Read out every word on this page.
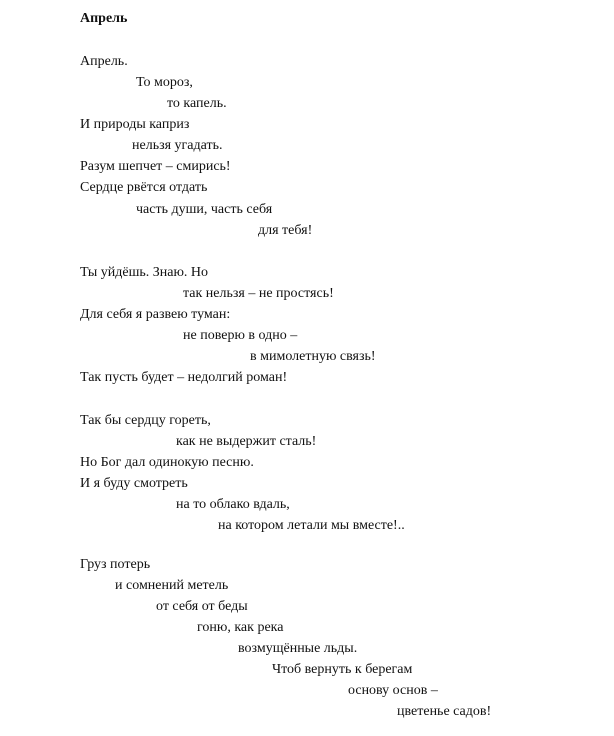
Апрель
Апрель.
То мороз,
то капель.
И природы каприз
нельзя угадать.
Разум шепчет – смирись!
Сердце рвётся отдать
часть души, часть себя
для тебя!
Ты уйдёшь. Знаю. Но
так нельзя – не простясь!
Для себя я развею туман:
не поверю в одно –
в мимолетную связь!
Так пусть будет – недолгий роман!
Так бы сердцу гореть,
как не выдержит сталь!
Но Бог дал одинокую песню.
И я буду смотреть
на то облако вдаль,
на котором летали мы вместе!..
Груз потерь
и сомнений метель
от себя от беды
гоню, как река
возмущённые льды.
Чтоб вернуть к берегам
основу основ –
цветенье садов!
